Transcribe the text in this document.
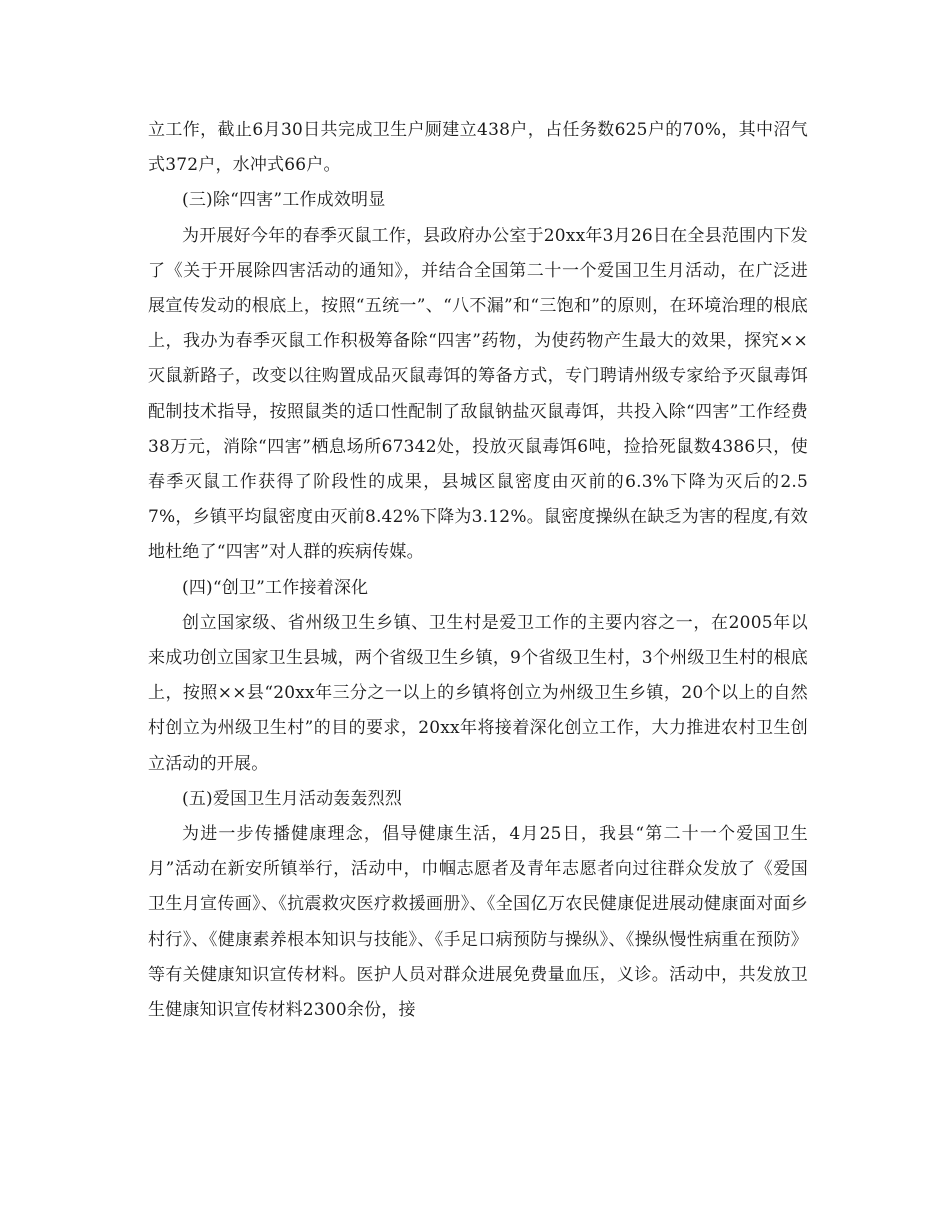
立工作，截止6月30日共完成卫生户厕建立438户，占任务数625户的70%，其中沼气式372户，水冲式66户。

(三)除“四害”工作成效明显

为开展好今年的春季灭鼠工作，县政府办公室于20xx年3月26日在全县范围内下发了《关于开展除四害活动的通知》，并结合全国第二十一个爱国卫生月活动，在广泛进展宣传发动的根底上，按照“五统一”、“八不漏”和“三饱和”的原则，在环境治理的根底上，我办为春季灭鼠工作积极筹备除“四害”药物，为使药物产生最大的效果，探究××灭鼠新路子，改变以往购置成品灭鼠毒饵的筹备方式，专门聘请州级专家给予灭鼠毒饵配制技术指导，按照鼠类的适口性配制了敌鼠钠盐灭鼠毒饵，共投入除“四害”工作经费38万元，消除“四害”栖息场所67342处，投放灭鼠毒饵6吨，捡拾死鼠数4386只，使春季灭鼠工作获得了阶段性的成果，县城区鼠密度由灭前的6.3%下降为灭后的2.57%，乡镇平均鼠密度由灭前8.42%下降为3.12%。鼠密度操纵在缺乏为害的程度,有效地杜绝了“四害”对人群的疾病传媒。

(四)“创卫”工作接着深化

创立国家级、省州级卫生乡镇、卫生村是爱卫工作的主要内容之一，在2005年以来成功创立国家卫生县城，两个省级卫生乡镇，9个省级卫生村，3个州级卫生村的根底上，按照××县“20xx年三分之一以上的乡镇将创立为州级卫生乡镇，20个以上的自然村创立为州级卫生村”的目的要求，20xx年将接着深化创立工作，大力推进农村卫生创立活动的开展。

(五)爱国卫生月活动轰轰烈烈

为进一步传播健康理念，倡导健康生活，4月25日，我县“第二十一个爱国卫生月”活动在新安所镇举行，活动中，巾帼志愿者及青年志愿者向过往群众发放了《爱国卫生月宣传画》、《抗震救灾医疗救援画册》、《全国亿万农民健康促进展动健康面对面乡村行》、《健康素养根本知识与技能》、《手足口病预防与操纵》、《操纵慢性病重在预防》等有关健康知识宣传材料。医护人员对群众进展免费量血压，义诊。活动中，共发放卫生健康知识宣传材料2300余份，接
